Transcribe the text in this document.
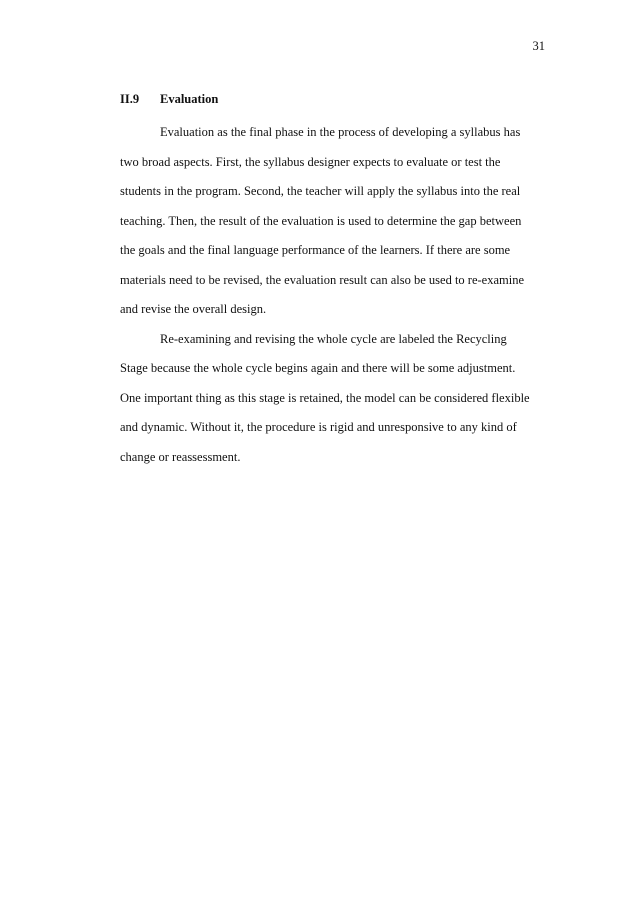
31
II.9 Evaluation
Evaluation as the final phase in the process of developing a syllabus has
two broad aspects. First, the syllabus designer expects to evaluate or test the
students in the program. Second, the teacher will apply the syllabus into the real
teaching. Then, the result of the evaluation is used to determine the gap between
the goals and the final language performance of the learners. If there are some
materials need to be revised, the evaluation result can also be used to re-examine
and revise the overall design.
Re-examining and revising the whole cycle are labeled the Recycling
Stage because the whole cycle begins again and there will be some adjustment.
One important thing as this stage is retained, the model can be considered flexible
and dynamic. Without it, the procedure is rigid and unresponsive to any kind of
change or reassessment.
